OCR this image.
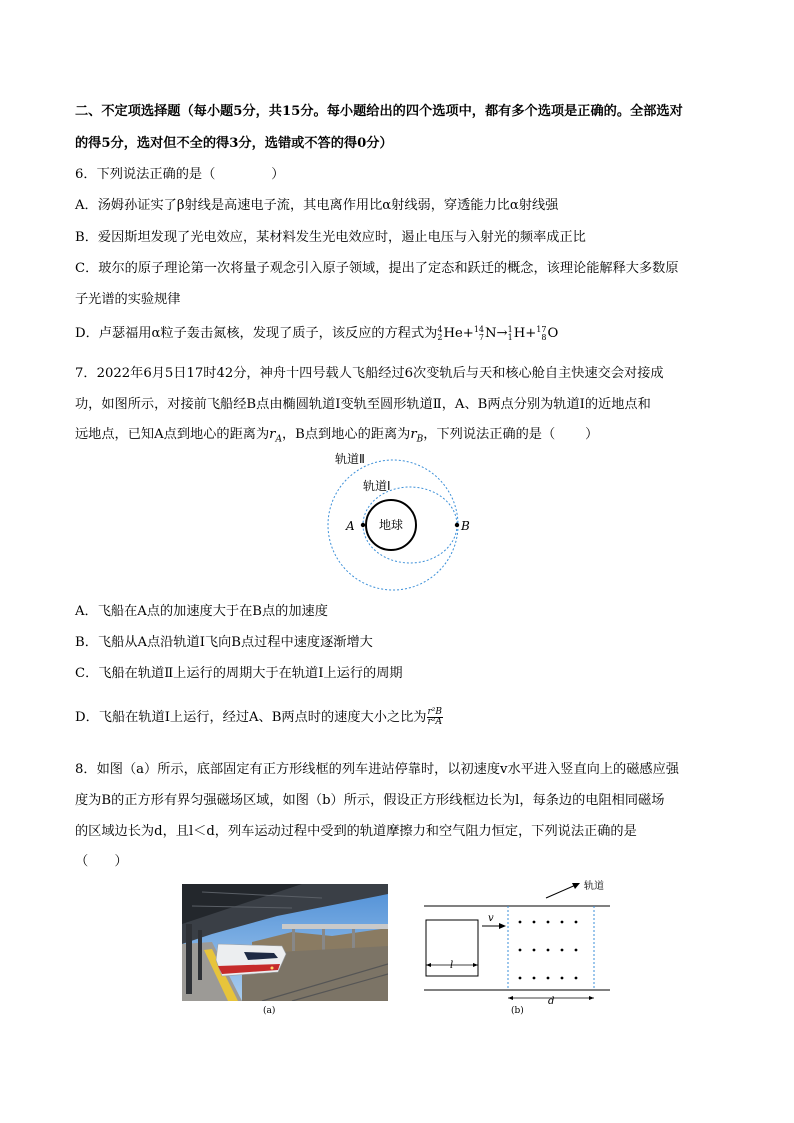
二、不定项选择题（每小题5分，共15分。每小题给出的四个选项中，都有多个选项是正确的。全部选对
的得5分，选对但不全的得3分，选错或不答的得0分）
6．下列说法正确的是（	）
A．汤姆孙证实了β射线是高速电子流，其电离作用比α射线弱，穿透能力比α射线强
B．爱因斯坦发现了光电效应，某材料发生光电效应时，遏止电压与入射光的频率成正比
C．玻尔的原子理论第一次将量子观念引入原子领域，提出了定态和跃迁的概念，该理论能解释大多数原
子光谱的实验规律
D．卢瑟福用α粒子轰击氮核，发现了质子，该反应的方程式为 4
2 He+ 14
7 N→ 1
1 H+ 17
8 O
7．2022年6月5日17时42分，神舟十四号载人飞船经过6次变轨后与天和核心舱自主快速交会对接成
功，如图所示，对接前飞船经B点由椭圆轨道Ⅰ变轨至圆形轨道Ⅱ，A、B两点分别为轨道Ⅰ的近地点和
远地点，已知A点到地心的距离为$r_A$，B点到地心的距离为$r_B$，下列说法正确的是（ ）
轨道Ⅱ
轨道Ⅰ
地球
A	B
A．飞船在A点的加速度大于在B点的加速度
B．飞船从A点沿轨道Ⅰ飞向B点过程中速度逐渐增大
C．飞船在轨道Ⅱ上运行的周期大于在轨道Ⅰ上运行的周期
D．飞船在轨道Ⅰ上运行，经过A、B两点时的速度大小之比为 $\frac{\text{r²B}}{\text{r²A}}$
8．如图（a）所示，底部固定有正方形线框的列车进站停靠时，以初速度v水平进入竖直向上的磁感应强
度为B的正方形有界匀强磁场区域，如图（b）所示，假设正方形线框边长为l，每条边的电阻相同磁场
的区域边长为d，且l＜d，列车运动过程中受到的轨道摩擦力和空气阻力恒定，下列说法正确的是
（　　）
(a)
轨道
v
l
d
(b)
